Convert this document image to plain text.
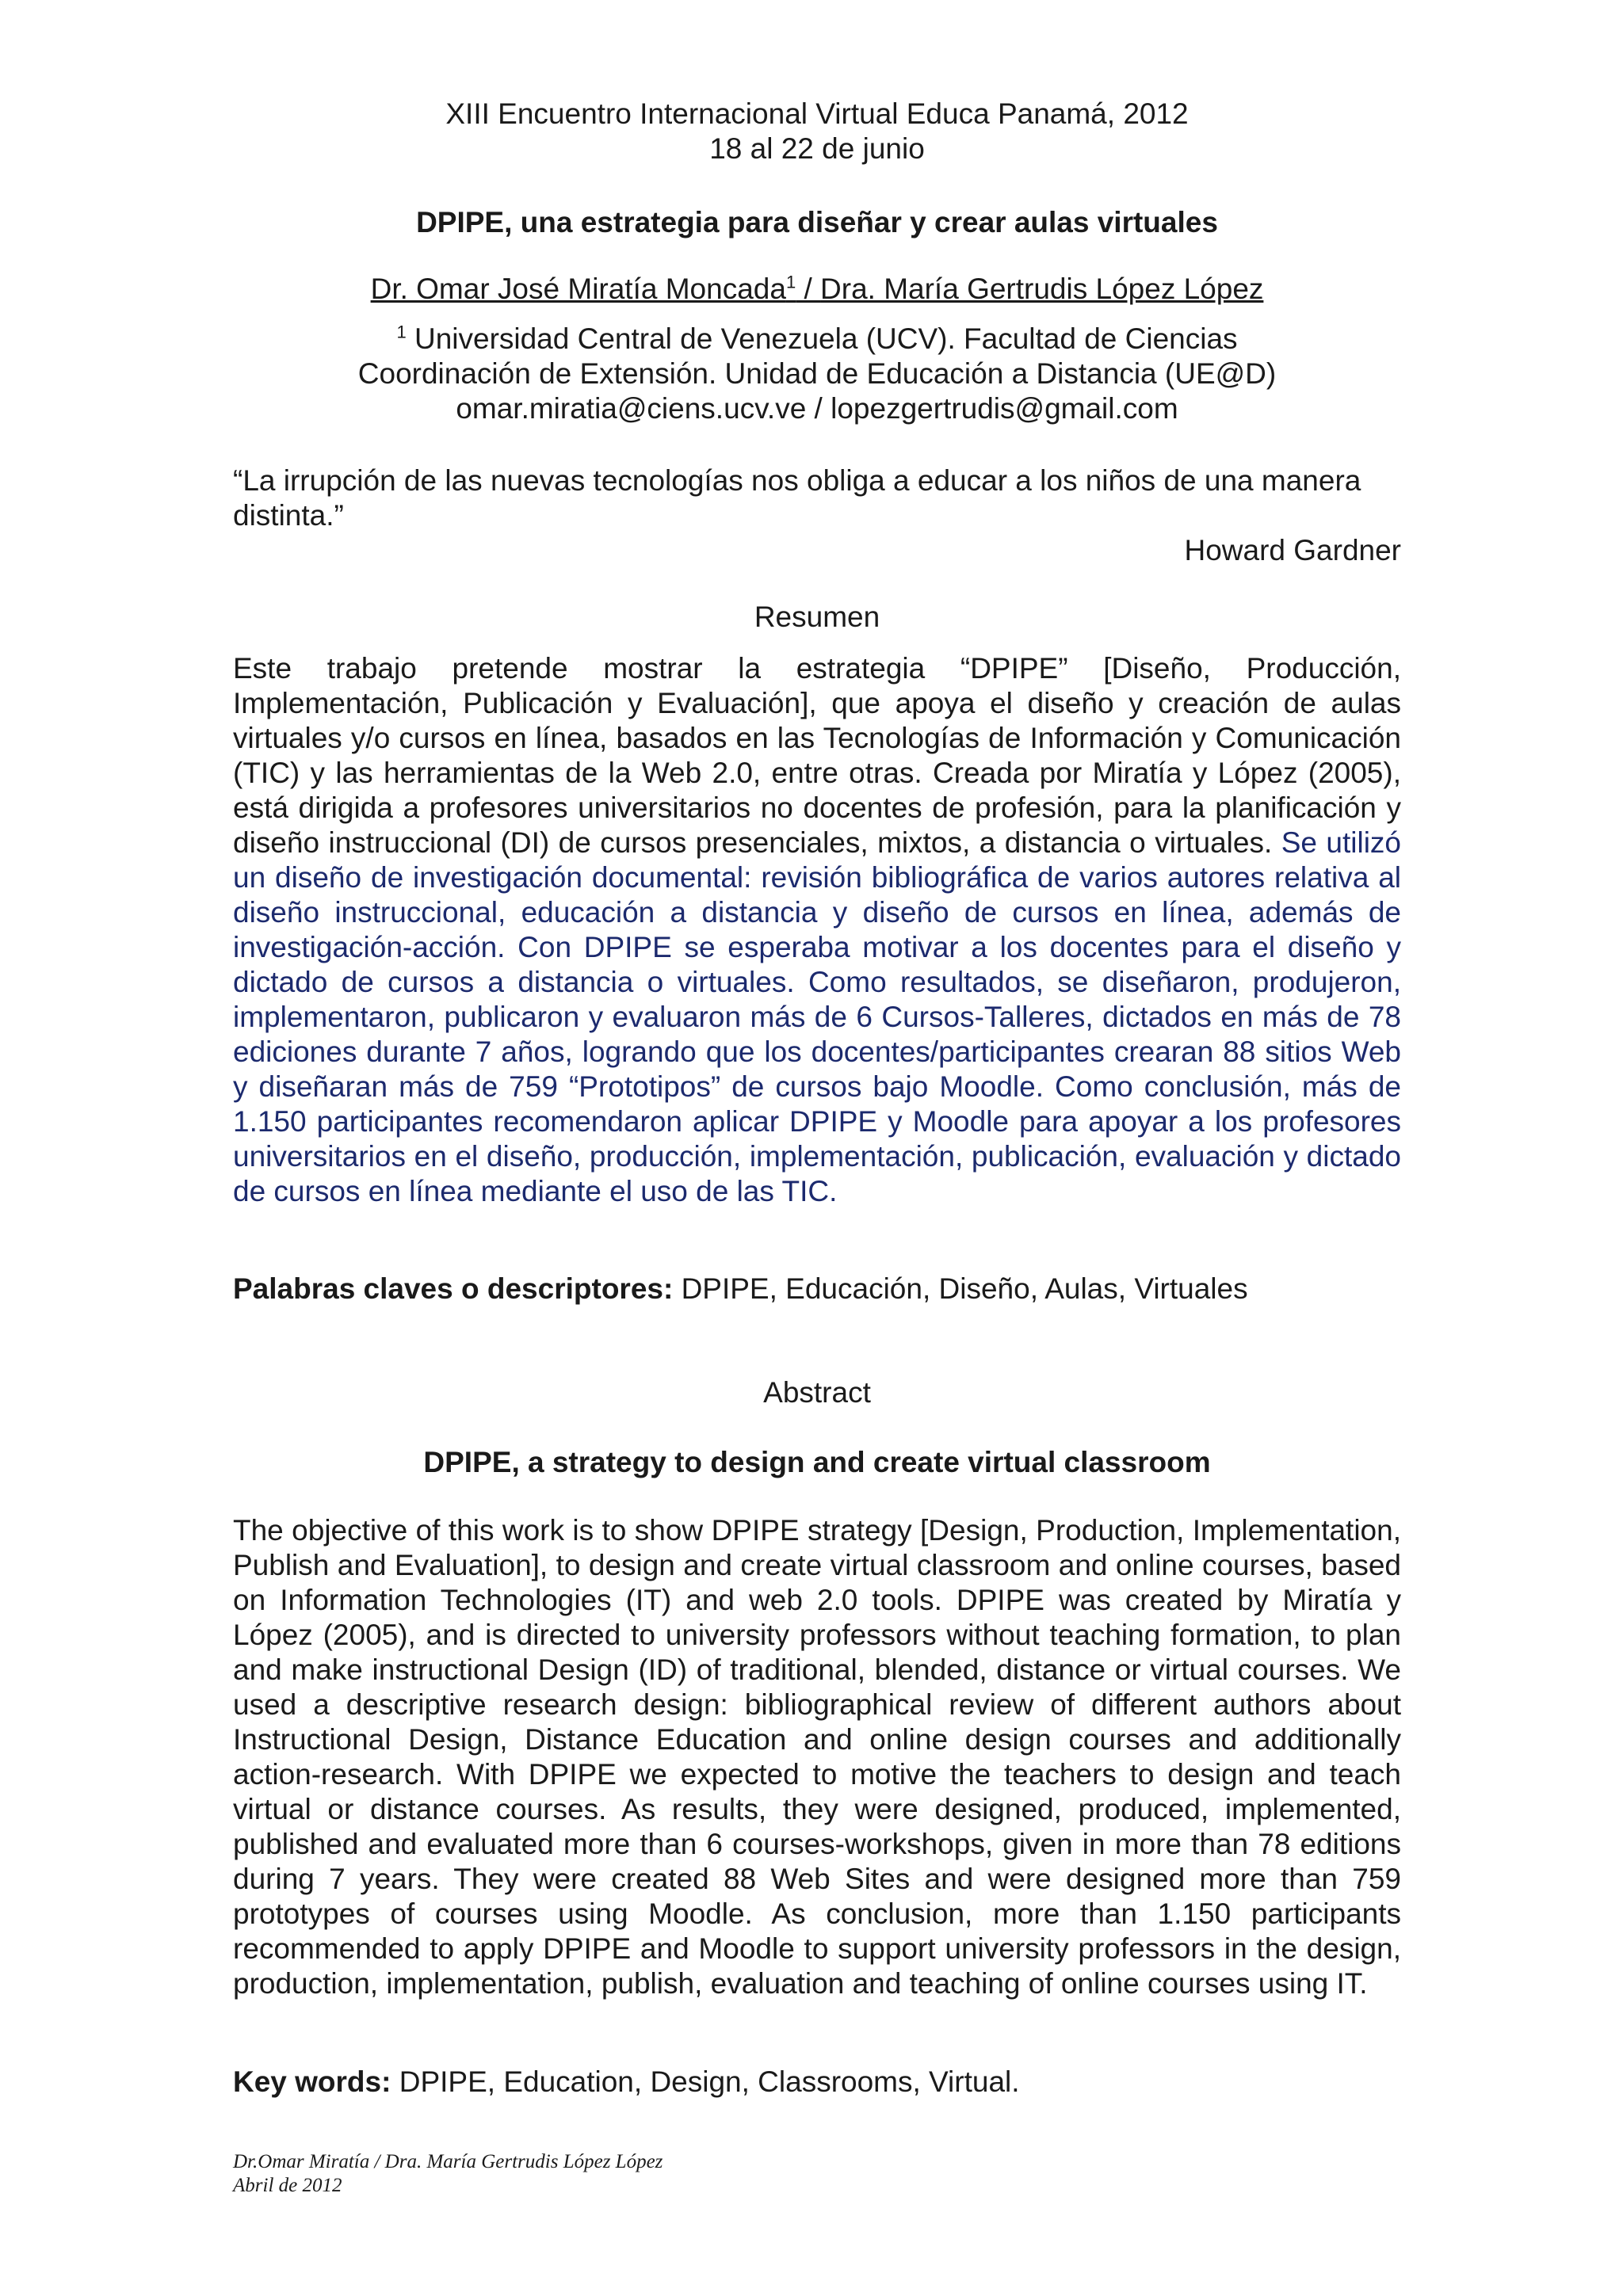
XIII Encuentro Internacional Virtual Educa Panamá, 2012

18 al 22 de junio

DPIPE, una estrategia para diseñar y crear aulas virtuales
Dr. Omar José Miratía Moncada$^1$ / Dra. María Gertrudis López López

$^1$ Universidad Central de Venezuela (UCV). Facultad de Ciencias

Coordinación de Extensión. Unidad de Educación a Distancia (UE@D)

omar.miratia@ciens.ucv.ve / lopezgertrudis@gmail.com

“La irrupción de las nuevas tecnologías nos obliga a educar a los niños de una manera distinta.”

Howard Gardner

Resumen
Este trabajo pretende mostrar la estrategia “DPIPE” [Diseño, Producción, Implementación, Publicación y Evaluación], que apoya el diseño y creación de aulas virtuales y/o cursos en línea, basados en las Tecnologías de Información y Comunicación (TIC) y las herramientas de la Web 2.0, entre otras. Creada por Miratía y López (2005), está dirigida a profesores universitarios no docentes de profesión, para la planificación y diseño instruccional (DI) de cursos presenciales, mixtos, a distancia o virtuales. Se utilizó un diseño de investigación documental: revisión bibliográfica de varios autores relativa al diseño instruccional, educación a distancia y diseño de cursos en línea, además de investigación-acción. Con DPIPE se esperaba motivar a los docentes para el diseño y dictado de cursos a distancia o virtuales. Como resultados, se diseñaron, produjeron, implementaron, publicaron y evaluaron más de 6 Cursos-Talleres, dictados en más de 78 ediciones durante 7 años, logrando que los docentes/participantes crearan 88 sitios Web y diseñaran más de 759 “Prototipos” de cursos bajo Moodle. Como conclusión, más de 1.150 participantes recomendaron aplicar DPIPE y Moodle para apoyar a los profesores universitarios en el diseño, producción, implementación, publicación, evaluación y dictado de cursos en línea mediante el uso de las TIC.
Palabras claves o descriptores: DPIPE, Educación, Diseño, Aulas, Virtuales
Abstract
DPIPE, a strategy to design and create virtual classroom
The objective of this work is to show DPIPE strategy [Design, Production, Implementation, Publish and Evaluation], to design and create virtual classroom and online courses, based on Information Technologies (IT) and web 2.0 tools. DPIPE was created by Miratía y López (2005), and is directed to university professors without teaching formation, to plan and make instructional Design (ID) of traditional, blended, distance or virtual courses. We used a descriptive research design: bibliographical review of different authors about Instructional Design, Distance Education and online design courses and additionally action-research. With DPIPE we expected to motive the teachers to design and teach virtual or distance courses. As results, they were designed, produced, implemented, published and evaluated more than 6 courses-workshops, given in more than 78 editions during 7 years. They were created 88 Web Sites and were designed more than 759 prototypes of courses using Moodle. As conclusion, more than 1.150 participants recommended to apply DPIPE and Moodle to support university professors in the design, production, implementation, publish, evaluation and teaching of online courses using IT.
Key words: DPIPE, Education, Design, Classrooms, Virtual.

Dr.Omar Miratía / Dra. María Gertrudis López López

Abril de 2012
